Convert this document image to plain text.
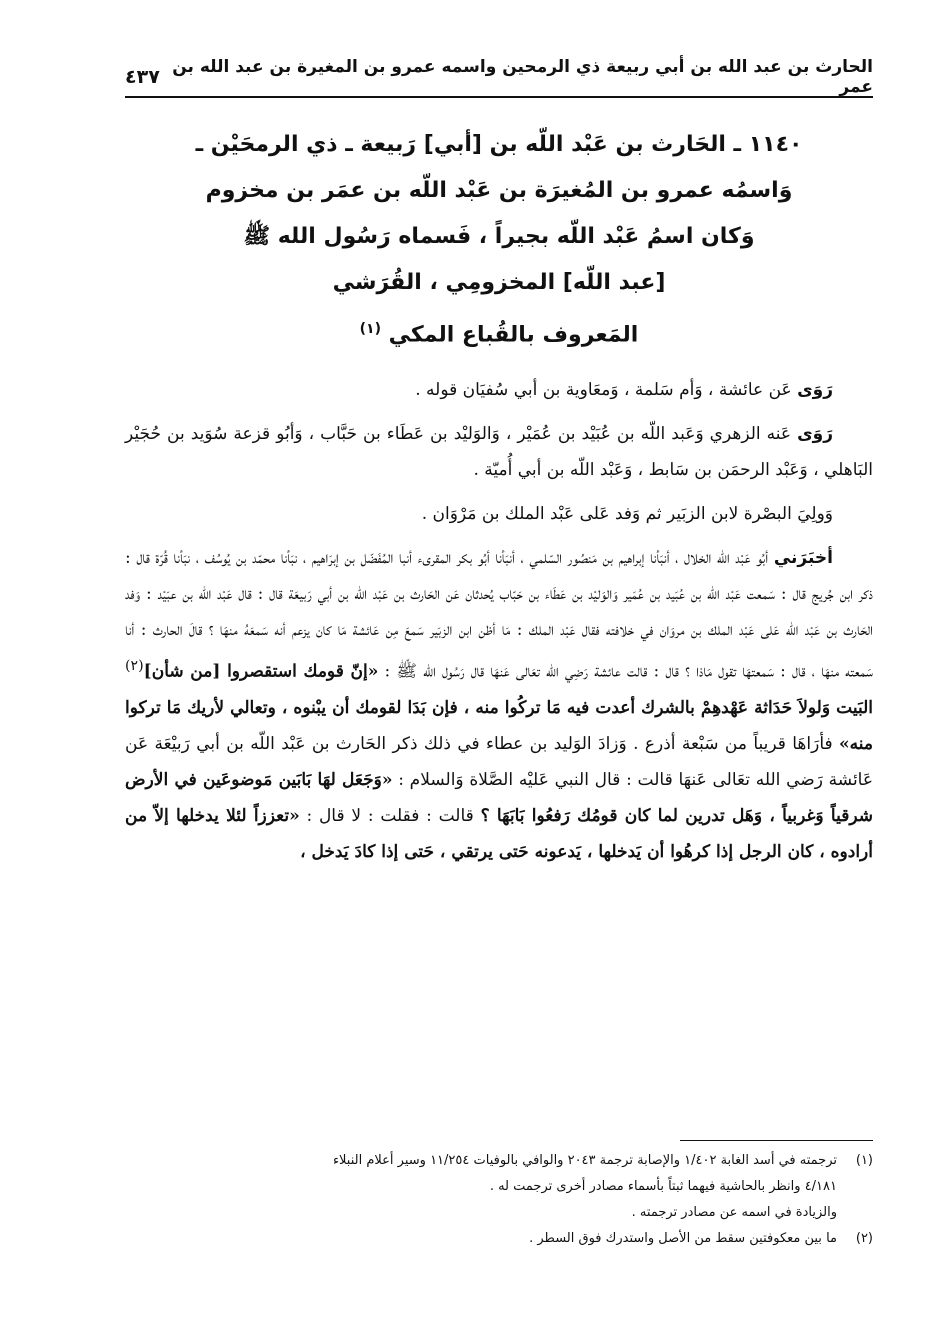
الحارث بن عبد الله بن أبي ربيعة ذي الرمحين واسمه عمرو بن المغيرة بن عبد الله بن عمر
٤٣٧
١١٤٠ ـ الحَارث بن عَبْد اللّه بن [أبي] رَبيعة ـ ذي الرمحَيْن ـ
وَاسمُه عمرو بن المُغيرَة بن عَبْد اللّه بن عمَر بن مخزوم
وَكان اسمُ عَبْد اللّه بجيراً ، فَسماه رَسُول الله ﷺ
[عبد اللّه] المخزومِي ، القُرَشي
المَعروف بالقُباع المكي $^{(١)}$

رَوَى عَن عائشة ، وَأم سَلمة ، وَمعَاوية بن أبي سُفيَان قوله .

رَوَى عَنه الزهري وَعَبد اللّه بن عُبَيْد بن عُمَيْر ، وَالوَليْد بن عَطَاء بن حَبَّاب ، وَأبُو قزعة سُوَيد بن حُجَيْر البَاهلي ، وَعَبْد الرحمَن بن سَابط ، وَعَبْد اللّه بن أبي أُميّة .

وَولِيَ البصْرة لابن الزبَير ثم وَفد عَلى عَبْد الملك بن مَرْوَان .

أخبَرَني أبُو عَبْد اللّه الخلال ، أنبَأنا إبراهيم بن مَنصُور السّلمي ، أنبَأنا أبُو بكر المقرىء أنبا المُفَضّل بن إبرَاهيم ، نبَأنا محمّد بن يُوسُف ، نبَأنا قُرّة قال : ذكر ابن جُريج قال : سَمعت عَبْد اللّه بن عُبَيد بن عُمَير وَالوَليْد بن عَطَاء بن حَبّاب يُحدثان عَن الحَارث بن عَبْد اللّه بن أبي رَبيعَة قال : قال عَبْد اللّه بن عبَيْد : وَفد الحَارث بن عَبْد اللّه عَلى عَبْد الملك بن مروَان في خلافته فقال عَبْد الملك : مَا أظن ابن الزبَير سَمعَ مِن عَائشة مَا كان يزعم أنه سَمعَهُ منهَا ؟ قالَ الحارث : أنا سَمعته منهَا ، قال : سَمعتهَا تقول مَاذا ؟ قال : قالت عائشة رَضِي الله تعَالى عَنهَا قال رَسُول الله ﷺ : «إنّ قومك استقصروا [من شأن]$^{(٢)}$ البَيت وَلولاَ حَدَاثة عَهْدهِمْ بالشرك أعدت فيه مَا تركُوا منه ، فإن بَدَا لقومك أن يبْنوه ، وتعالي لأريك مَا تركوا منه» فأرَاهَا قريباً من سَبْعة أذرع . وَزادَ الوَليد بن عطاء في ذلك ذكر الحَارث بن عَبْد اللّه بن أبي رَبيْعَة عَن عَائشة رَضي الله تعَالى عَنهَا قالت : قال النبي عَليْه الصَّلاة وَالسلام : «وَجَعَل لهَا بَابَين مَوضوعَين في الأرض شرقياً وَغربياً ، وَهَل تدرين لما كان قومُك رَفعُوا بَابَهَا ؟ قالت : فقلت : لا قال : «تعززاً لئلا يدخلها إلاّ من أرادوه ، كان الرجل إذا كرهُوا أن يَدخلها ، يَدعونه حَتى يرتقي ، حَتى إذا كادَ يَدخل ،

(١)
ترجمته في أسد الغابة ١/٤٠٢ والإصابة ترجمة ٢٠٤٣ والوافي بالوفيات ١١/٢٥٤ وسير أعلام النبلاء
٤/١٨١ وانظر بالحاشية فيهما ثبتاً بأسماء مصادر أخرى ترجمت له .
والزيادة في اسمه عن مصادر ترجمته .
(٢)
ما بين معكوفتين سقط من الأصل واستدرك فوق السطر .
